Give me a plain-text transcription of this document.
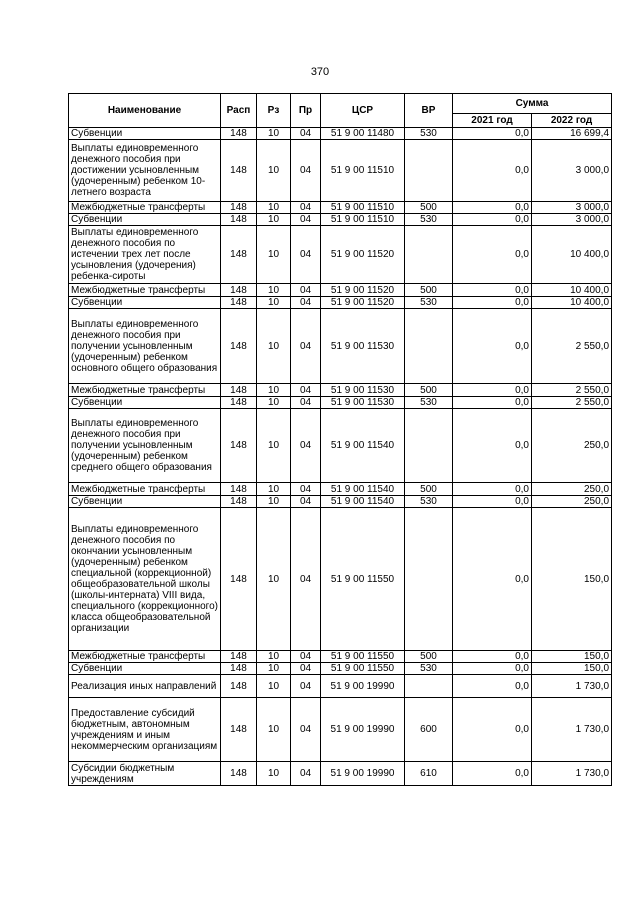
370
Наименование	Расп	Рз	Пр	ЦСР	ВР	Сумма	
						2021 год	2022 год
Субвенции	148	10	04	51 9 00 11480	530	0,0	16 699,4
Выплаты единовременного денежного пособия при достижении усыновленным (удочеренным) ребенком 10-летнего возраста	148	10	04	51 9 00 11510		0,0	3 000,0
Межбюджетные трансферты	148	10	04	51 9 00 11510	500	0,0	3 000,0
Субвенции	148	10	04	51 9 00 11510	530	0,0	3 000,0
Выплаты единовременного денежного пособия по истечении трех лет после усыновления (удочерения) ребенка-сироты	148	10	04	51 9 00 11520		0,0	10 400,0
Межбюджетные трансферты	148	10	04	51 9 00 11520	500	0,0	10 400,0
Субвенции	148	10	04	51 9 00 11520	530	0,0	10 400,0
Выплаты единовременного денежного пособия при получении усыновленным (удочеренным) ребенком основного общего образования	148	10	04	51 9 00 11530		0,0	2 550,0
Межбюджетные трансферты	148	10	04	51 9 00 11530	500	0,0	2 550,0
Субвенции	148	10	04	51 9 00 11530	530	0,0	2 550,0
Выплаты единовременного денежного пособия при получении усыновленным (удочеренным) ребенком среднего общего образования	148	10	04	51 9 00 11540		0,0	250,0
Межбюджетные трансферты	148	10	04	51 9 00 11540	500	0,0	250,0
Субвенции	148	10	04	51 9 00 11540	530	0,0	250,0
Выплаты единовременного денежного пособия по окончании усыновленным (удочеренным) ребенком специальной (коррекционной) общеобразовательной школы (школы-интерната) VIII вида, специального (коррекционного) класса общеобразовательной организации	148	10	04	51 9 00 11550		0,0	150,0
Межбюджетные трансферты	148	10	04	51 9 00 11550	500	0,0	150,0
Субвенции	148	10	04	51 9 00 11550	530	0,0	150,0
Реализация иных направлений	148	10	04	51 9 00 19990		0,0	1 730,0
Предоставление субсидий бюджетным, автономным учреждениям и иным некоммерческим организациям	148	10	04	51 9 00 19990	600	0,0	1 730,0
Субсидии бюджетным учреждениям	148	10	04	51 9 00 19990	610	0,0	1 730,0
